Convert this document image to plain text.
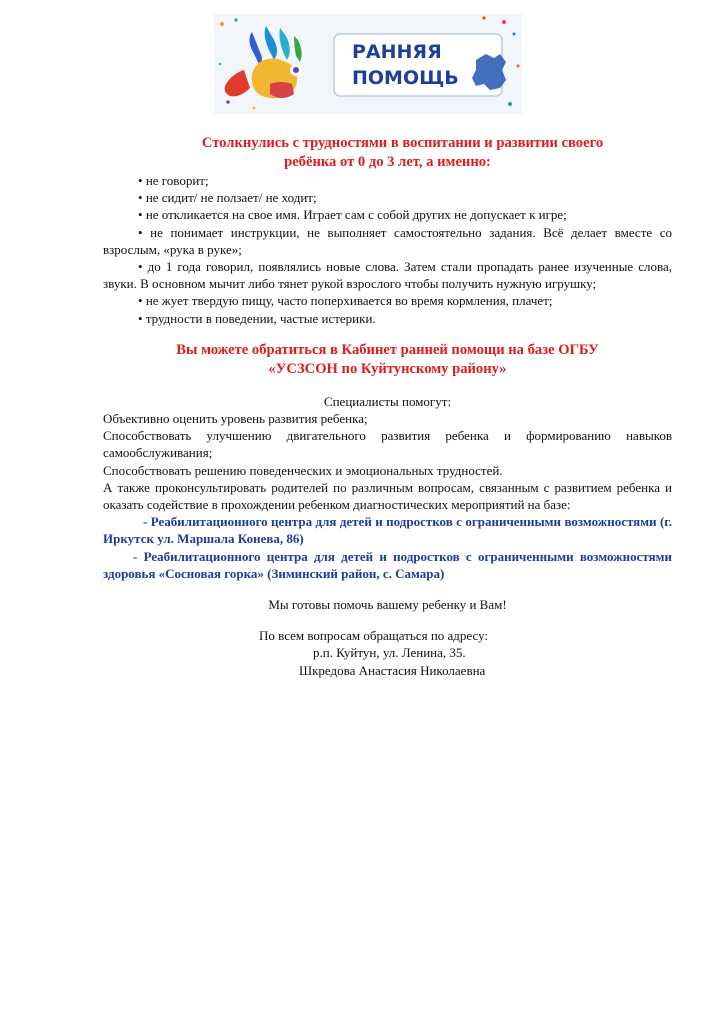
РАННЯЯ
ПОМОЩЬ
Столкнулись с трудностями в воспитании и развитии своего
ребёнка от 0 до 3 лет, а именно:
• не говорит;
• не сидит/ не ползает/ не ходит;
• не откликается на свое имя. Играет сам с собой других не допускает к игре;
• не понимает инструкции, не выполняет самостоятельно задания. Всё делает вместе со взрослым, «рука в руке»;
• до 1 года говорил, появлялись новые слова. Затем стали пропадать ранее изученные слова, звуки. В основном мычит либо тянет рукой взрослого чтобы получить нужную игрушку;
• не жует твердую пищу, часто поперхивается во время кормления, плачет;
• трудности в поведении, частые истерики.
Вы можете обратиться в Кабинет ранней помощи на базе ОГБУ
«УСЗСОН по Куйтунскому району»
Специалисты помогут:
Объективно оценить уровень развития ребенка;
Способствовать улучшению двигательного развития ребенка и формированию навыков самообслуживания;
Способствовать решению поведенческих и эмоциональных трудностей.
А также проконсультировать родителей по различным вопросам, связанным с развитием ребенка и оказать содействие в прохождении ребенком диагностических мероприятий на базе:
- Реабилитационного центра для детей и подростков с ограниченными возможностями (г. Иркутск ул. Маршала Конева, 86)
- Реабилитационного центра для детей и подростков с ограниченными возможностями здоровья «Сосновая горка» (Зиминский район, с. Самара)
Мы готовы помочь вашему ребенку и Вам!
По всем вопросам обращаться по адресу:
р.п. Куйтун, ул. Ленина, 35.
Шкредова Анастасия Николаевна
